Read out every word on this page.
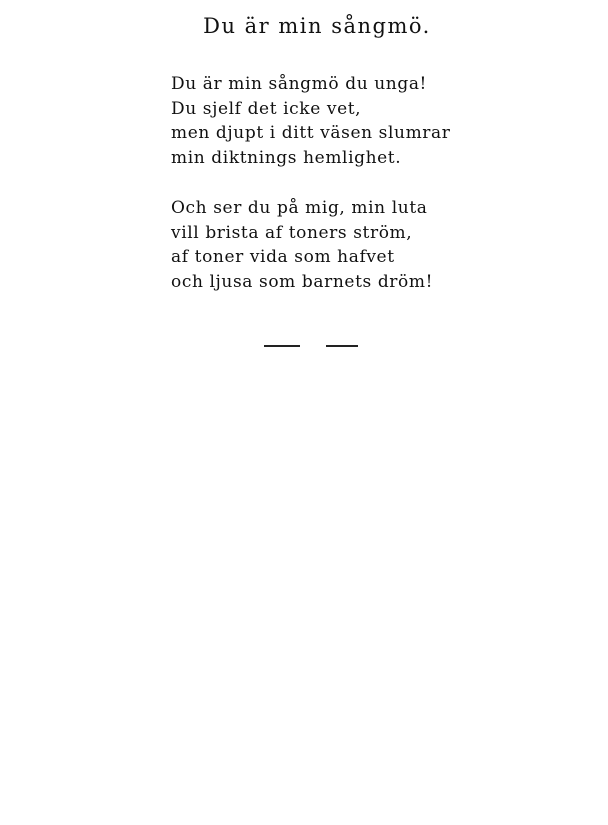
Du är min sångmö.
Du är min sångmö du unga!
Du sjelf det icke vet,
men djupt i ditt väsen slumrar
min diktnings hemlighet.
Och ser du på mig, min luta
vill brista af toners ström,
af toner vida som hafvet
och ljusa som barnets dröm!
